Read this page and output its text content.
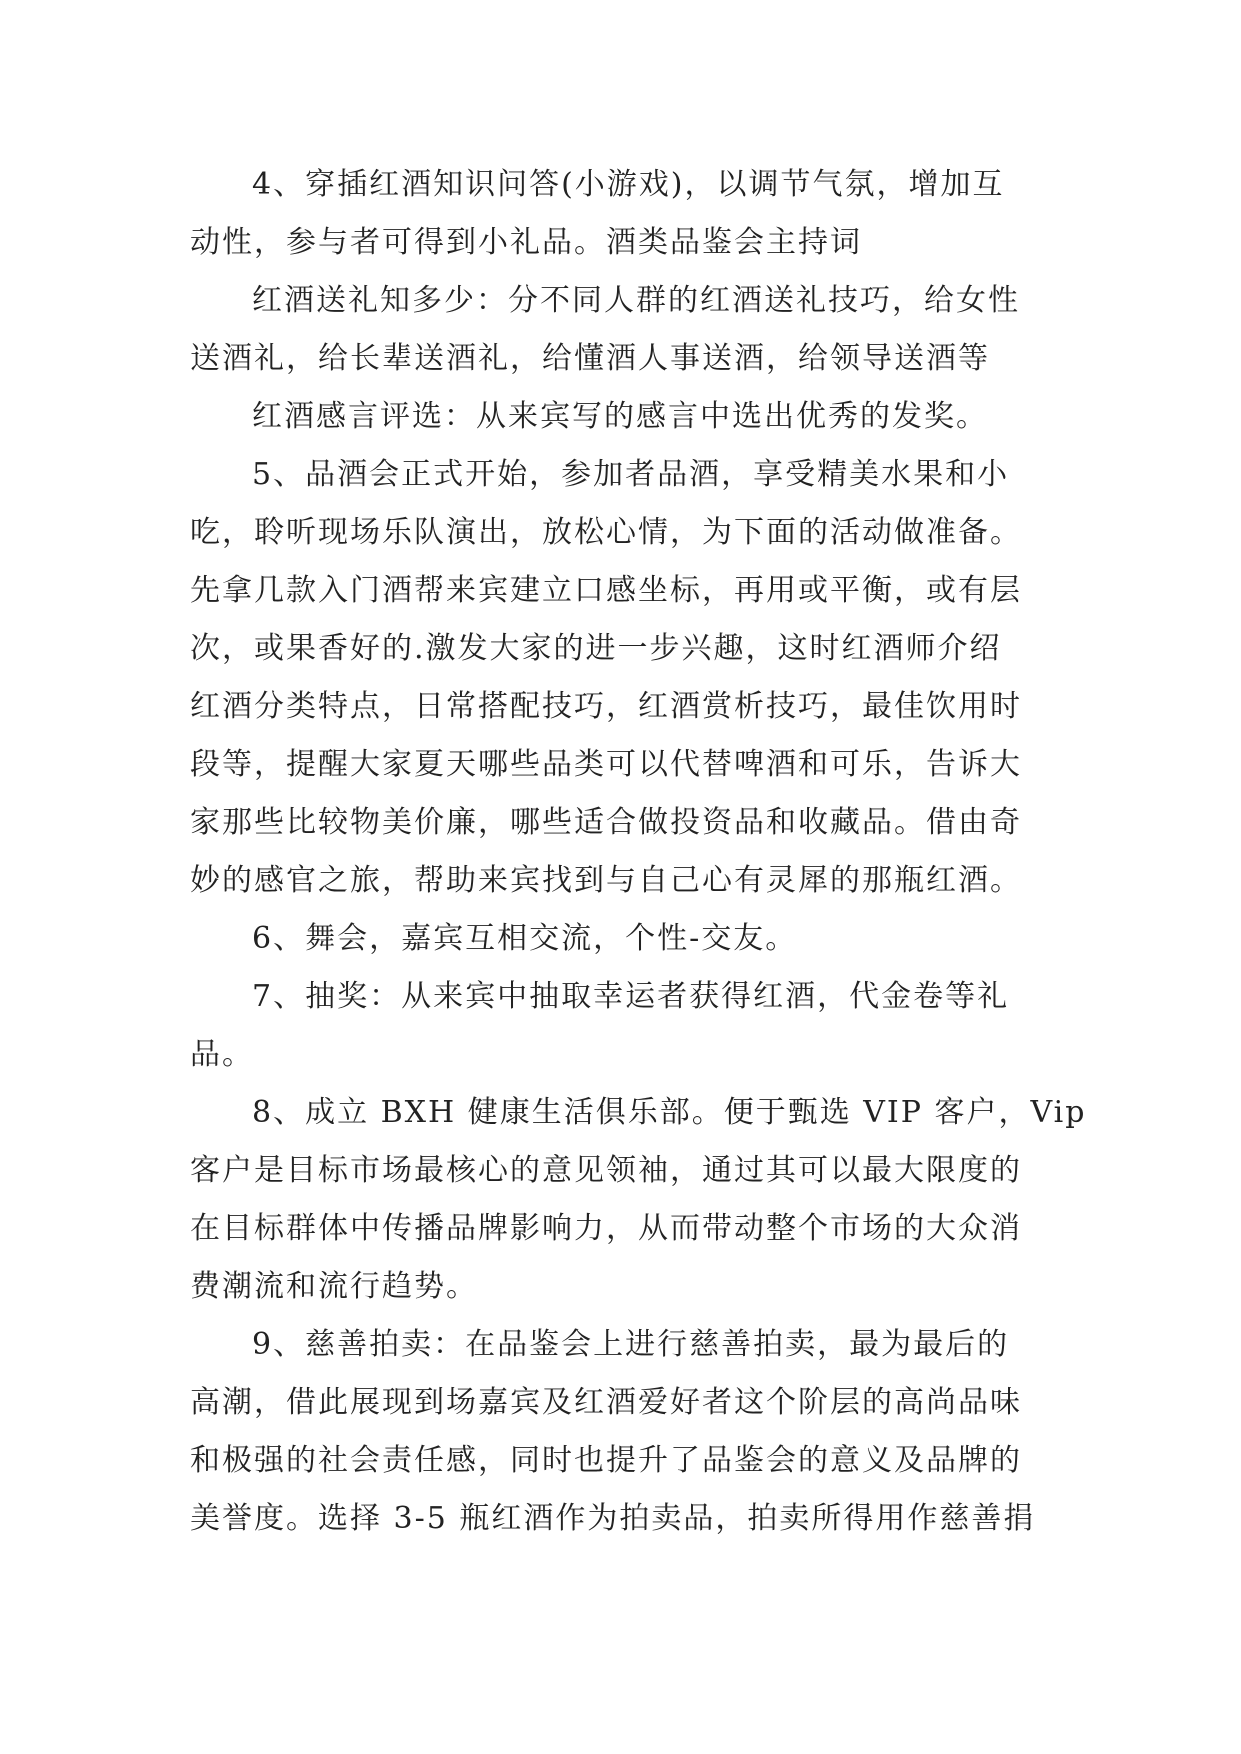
4、穿插红酒知识问答(小游戏)，以调节气氛，增加互
动性，参与者可得到小礼品。酒类品鉴会主持词

红酒送礼知多少：分不同人群的红酒送礼技巧，给女性
送酒礼，给长辈送酒礼，给懂酒人事送酒，给领导送酒等

红酒感言评选：从来宾写的感言中选出优秀的发奖。

5、品酒会正式开始，参加者品酒，享受精美水果和小
吃，聆听现场乐队演出，放松心情，为下面的活动做准备。
先拿几款入门酒帮来宾建立口感坐标，再用或平衡，或有层
次，或果香好的.激发大家的进一步兴趣，这时红酒师介绍
红酒分类特点，日常搭配技巧，红酒赏析技巧，最佳饮用时
段等，提醒大家夏天哪些品类可以代替啤酒和可乐，告诉大
家那些比较物美价廉，哪些适合做投资品和收藏品。借由奇
妙的感官之旅，帮助来宾找到与自己心有灵犀的那瓶红酒。

6、舞会，嘉宾互相交流，个性-交友。

7、抽奖：从来宾中抽取幸运者获得红酒，代金卷等礼
品。

8、成立 BXH 健康生活俱乐部。便于甄选 VIP 客户，Vip
客户是目标市场最核心的意见领袖，通过其可以最大限度的
在目标群体中传播品牌影响力，从而带动整个市场的大众消
费潮流和流行趋势。

9、慈善拍卖：在品鉴会上进行慈善拍卖，最为最后的
高潮，借此展现到场嘉宾及红酒爱好者这个阶层的高尚品味
和极强的社会责任感，同时也提升了品鉴会的意义及品牌的
美誉度。选择 3-5 瓶红酒作为拍卖品，拍卖所得用作慈善捐
